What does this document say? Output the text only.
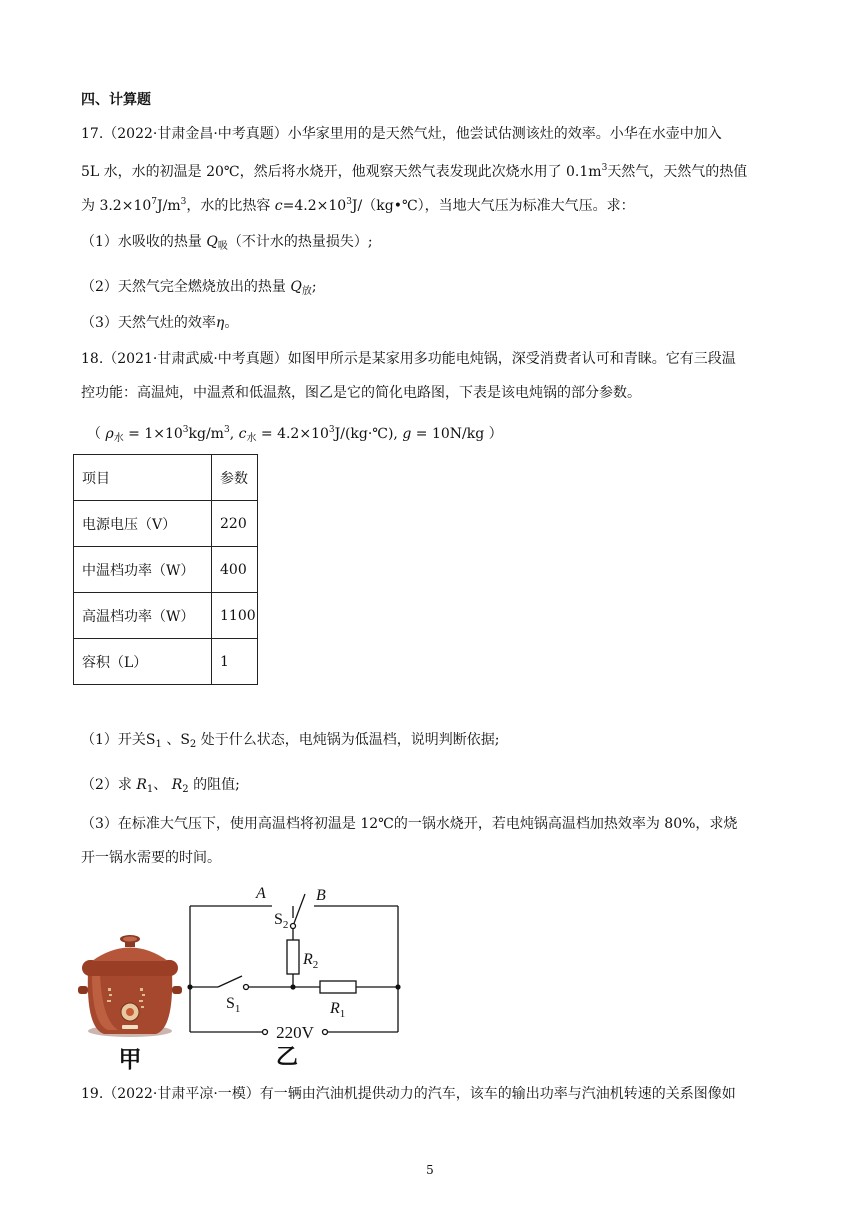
四、计算题
17.（2022·甘肃金昌·中考真题）小华家里用的是天然气灶，他尝试估测该灶的效率。小华在水壶中加入
5L 水，水的初温是 20℃，然后将水烧开，他观察天然气表发现此次烧水用了 $0.1m^3$天然气，天然气的热值
为 $3.2\times 10^7J/m^3$，水的比热容 $c=4.2\times 10^3J/(kg•℃)$，当地大气压为标准大气压。求：
（1）水吸收的热量 $Q_吸$（不计水的热量损失）;
（2）天然气完全燃烧放出的热量 $Q_放$;
（3）天然气灶的效率η。
18.（2021·甘肃武威·中考真题）如图甲所示是某家用多功能电炖锅，深受消费者认可和青睐。它有三段温
控功能：高温炖，中温煮和低温熬，图乙是它的简化电路图，下表是该电炖锅的部分参数。
（ $\rho_水 = 1\times 10^3kg/m^3$, $c_水$ = $4.2\times 10^3J/(kg\cdot℃)$, g = 10N/kg ）
项目	参数
电源电压（V）	220
中温档功率（W）	400
高温档功率（W）	1100
容积（L）	1
（1）开关$S_1$ 、$S_2$ 处于什么状态，电炖锅为低温档，说明判断依据;
（2）求 $R_1$、 $R_2$ 的阻值;
（3）在标准大气压下，使用高温档将初温是 12℃的一锅水烧开，若电炖锅高温档加热效率为 80%，求烧
开一锅水需要的时间。
甲
A	B
$S_2$
$R_2$
$S_1$	$R_1$
220V
乙
19.（2022·甘肃平凉·一模）有一辆由汽油机提供动力的汽车，该车的输出功率与汽油机转速的关系图像如
5
